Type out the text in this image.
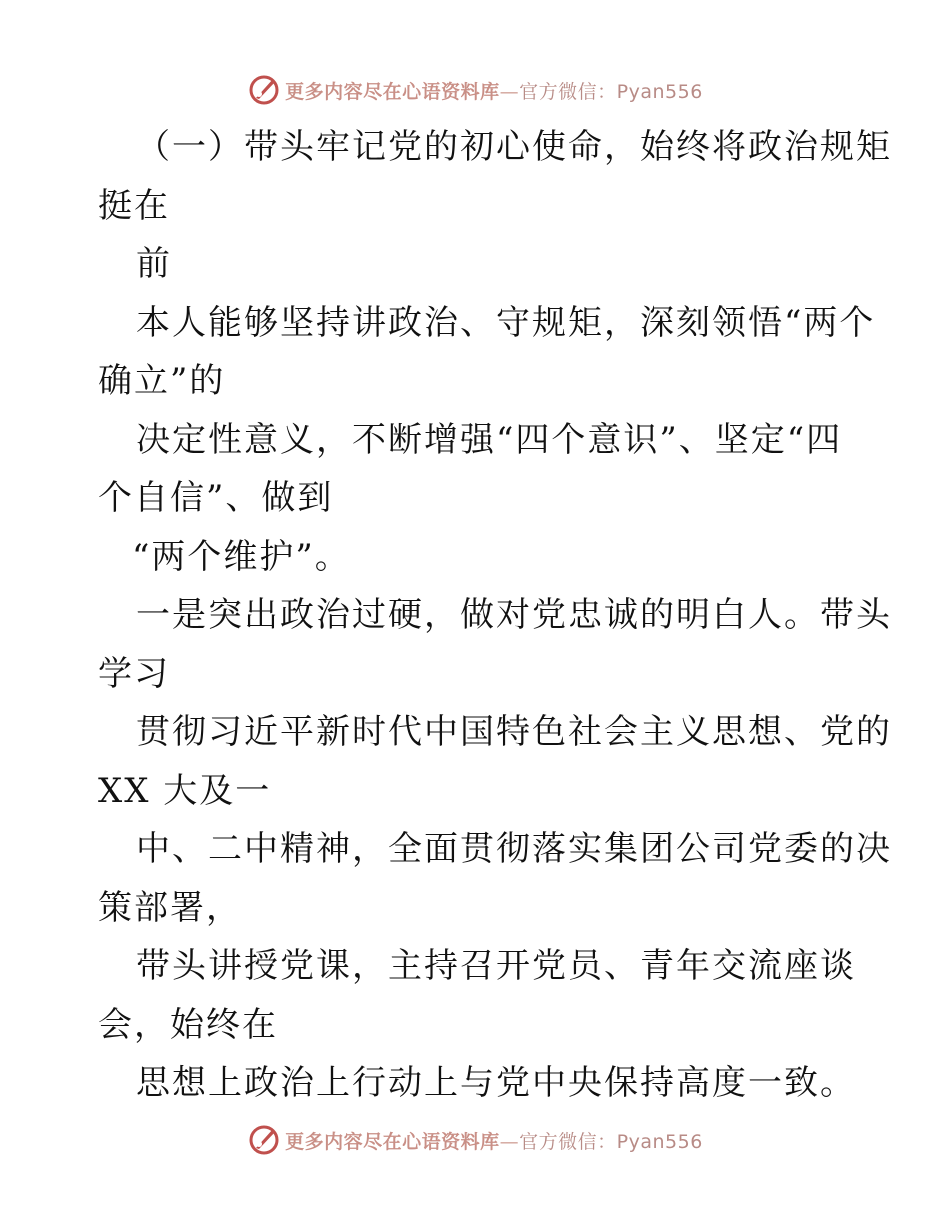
更多内容尽在心语资料库—官方微信：Pyan556
（一）带头牢记党的初心使命，始终将政治规矩
挺在
前
本人能够坚持讲政治、守规矩，深刻领悟“两个
确立”的
决定性意义，不断增强“四个意识”、坚定“四
个自信”、做到
“两个维护”。
一是突出政治过硬，做对党忠诚的明白人。带头
学习
贯彻习近平新时代中国特色社会主义思想、党的
XX 大及一
中、二中精神，全面贯彻落实集团公司党委的决
策部署，
带头讲授党课，主持召开党员、青年交流座谈
会，始终在
思想上政治上行动上与党中央保持高度一致。
更多内容尽在心语资料库—官方微信：Pyan556
